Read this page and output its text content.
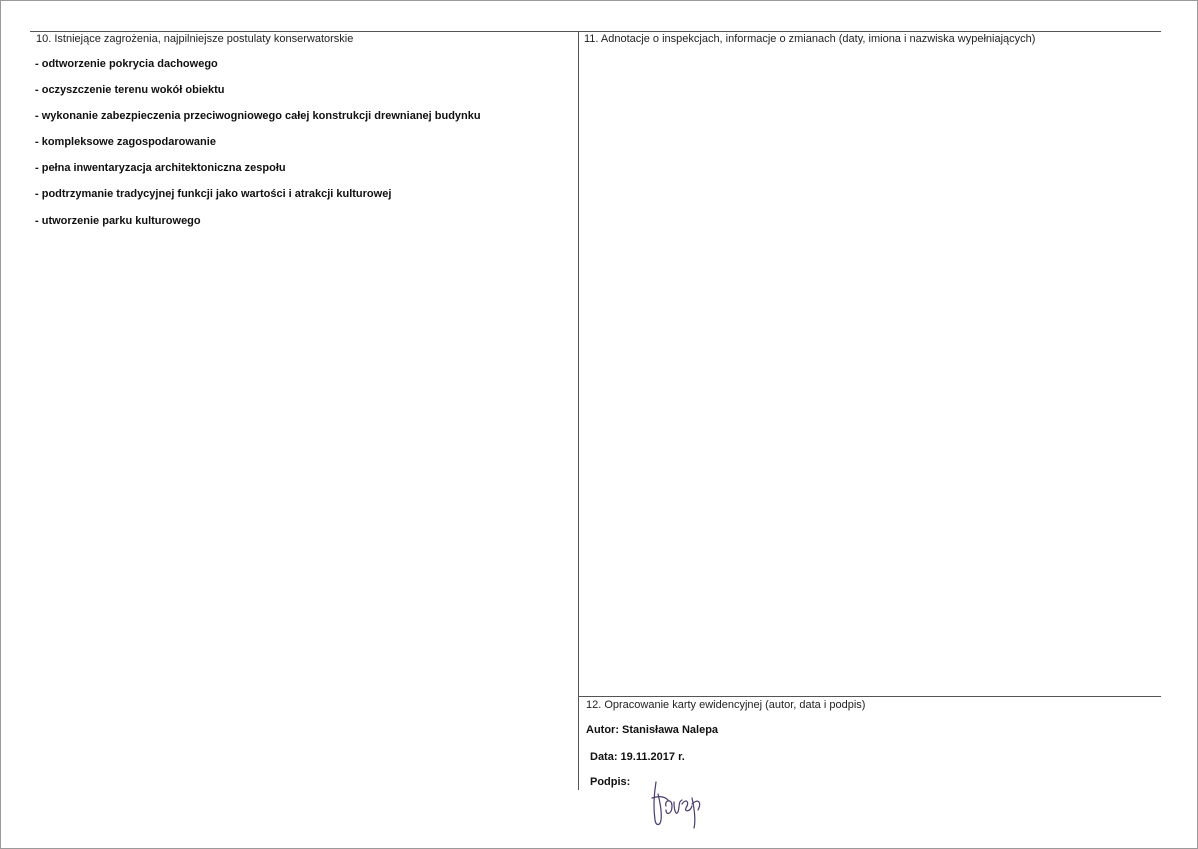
10. Istniejące zagrożenia, najpilniejsze postulaty konserwatorskie
- odtworzenie pokrycia dachowego
- oczyszczenie terenu wokół obiektu
- wykonanie zabezpieczenia przeciwogniowego całej konstrukcji drewnianej budynku
- kompleksowe zagospodarowanie
- pełna inwentaryzacja architektoniczna zespołu
- podtrzymanie tradycyjnej funkcji jako wartości i atrakcji kulturowej
- utworzenie parku kulturowego
11. Adnotacje o inspekcjach, informacje o zmianach (daty, imiona i nazwiska wypełniających)
12. Opracowanie karty ewidencyjnej (autor, data i podpis)
Autor: Stanisława Nalepa
Data: 19.11.2017 r.
Podpis:
